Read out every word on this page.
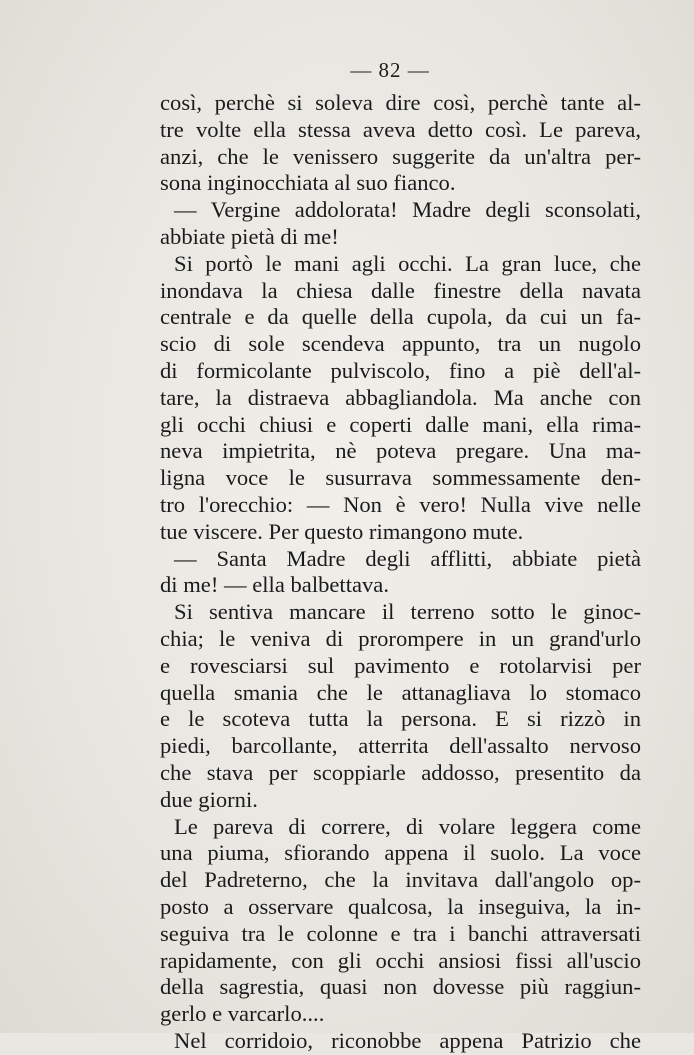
— 82 —
così, perchè si soleva dire così, perchè tante al-
tre volte ella stessa aveva detto così. Le pareva,
anzi, che le venissero suggerite da un'altra per-
sona inginocchiata al suo fianco.
— Vergine addolorata! Madre degli sconsolati,
abbiate pietà di me!
Si portò le mani agli occhi. La gran luce, che
inondava la chiesa dalle finestre della navata
centrale e da quelle della cupola, da cui un fa-
scio di sole scendeva appunto, tra un nugolo
di formicolante pulviscolo, fino a piè dell'al-
tare, la distraeva abbagliandola. Ma anche con
gli occhi chiusi e coperti dalle mani, ella rima-
neva impietrita, nè poteva pregare. Una ma-
ligna voce le susurrava sommessamente den-
tro l'orecchio: — Non è vero! Nulla vive nelle
tue viscere. Per questo rimangono mute.
— Santa Madre degli afflitti, abbiate pietà
di me! — ella balbettava.
Si sentiva mancare il terreno sotto le ginoc-
chia; le veniva di prorompere in un grand'urlo
e rovesciarsi sul pavimento e rotolarvisi per
quella smania che le attanagliava lo stomaco
e le scoteva tutta la persona. E si rizzò in
piedi, barcollante, atterrita dell'assalto nervoso
che stava per scoppiarle addosso, presentito da
due giorni.
Le pareva di correre, di volare leggera come
una piuma, sfiorando appena il suolo. La voce
del Padreterno, che la invitava dall'angolo op-
posto a osservare qualcosa, la inseguiva, la in-
seguiva tra le colonne e tra i banchi attraversati
rapidamente, con gli occhi ansiosi fissi all'uscio
della sagrestia, quasi non dovesse più raggiun-
gerlo e varcarlo....
Nel corridoio, riconobbe appena Patrizio che
